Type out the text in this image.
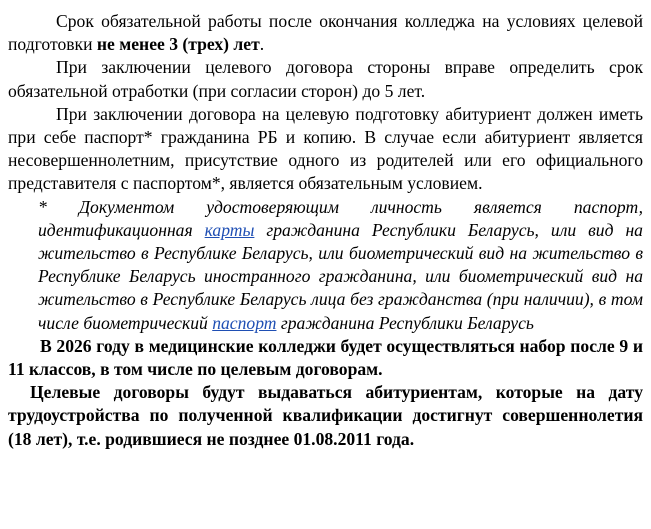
Срок обязательной работы после окончания колледжа на условиях целевой подготовки не менее 3 (трех) лет.

При заключении целевого договора стороны вправе определить срок обязательной отработки (при согласии сторон) до 5 лет.

При заключении договора на целевую подготовку абитуриент должен иметь при себе паспорт* гражданина РБ и копию. В случае если абитуриент является несовершеннолетним, присутствие одного из родителей или его официального представителя с паспортом*, является обязательным условием.

* Документом удостоверяющим личность является паспорт, идентификационная карты гражданина Республики Беларусь, или вид на жительство в Республике Беларусь, или биометрический вид на жительство в Республике Беларусь иностранного гражданина, или биометрический вид на жительство в Республике Беларусь лица без гражданства (при наличии), в том числе биометрический паспорт гражданина Республики Беларусь

В 2026 году в медицинские колледжи будет осуществляться набор после 9 и 11 классов, в том числе по целевым договорам.

Целевые договоры будут выдаваться абитуриентам, которые на дату трудоустройства по полученной квалификации достигнут совершеннолетия (18 лет), т.е. родившиеся не позднее 01.08.2011 года.
